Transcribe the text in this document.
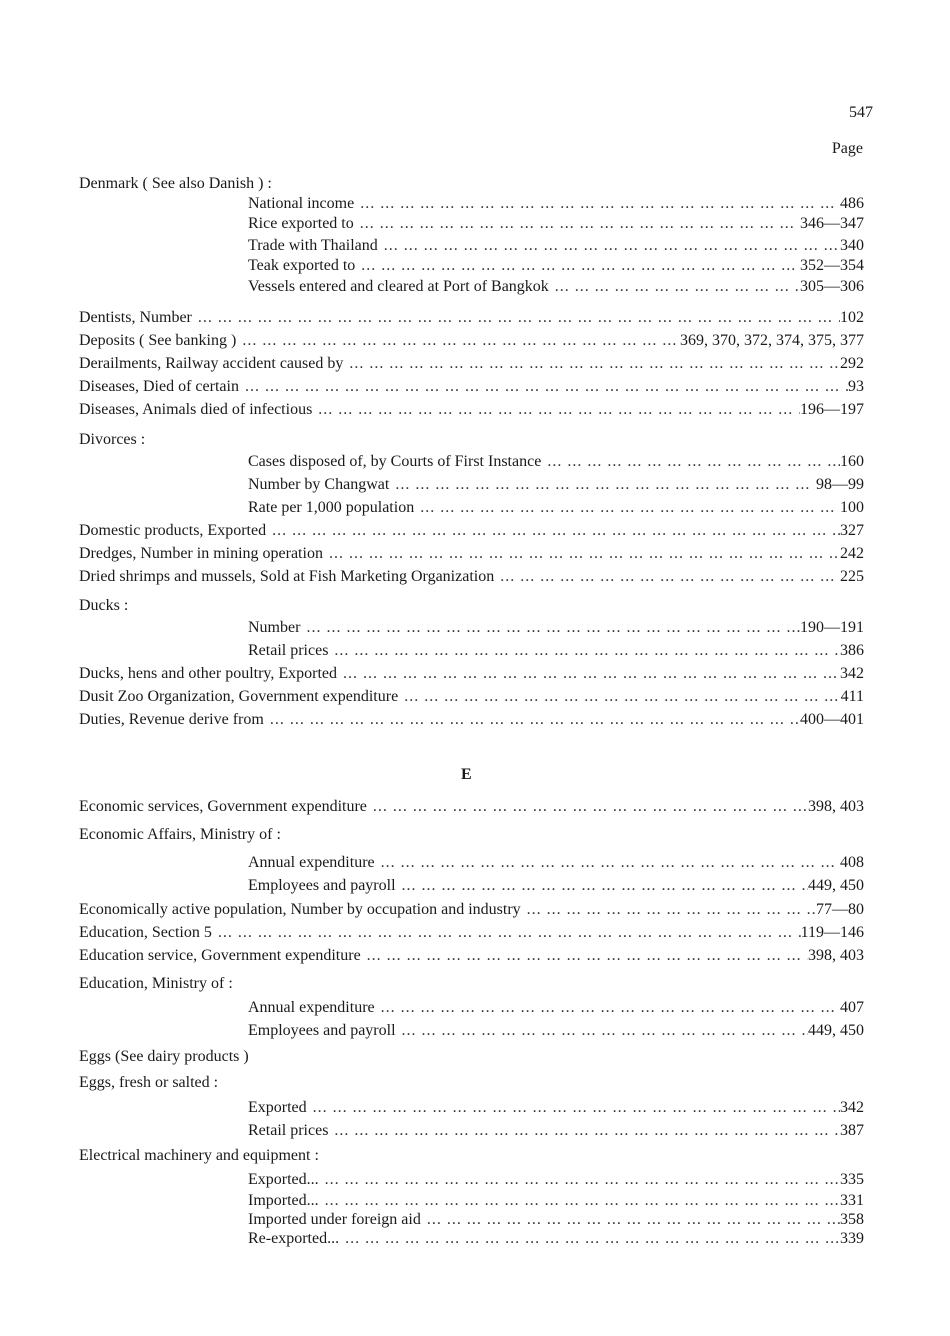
547
Page
Denmark ( See also Danish ) :
National income ... .	486
Rice exported to ... .	346—347
Trade with Thailand ... .	340
Teak exported to ... .	352—354
Vessels entered and cleared at Port of Bangkok ... .	305—306
Dentists, Number ... .	102
Deposits ( See banking ) ... .	369, 370, 372, 374, 375, 377
Derailments, Railway accident caused by ... .	292
Diseases, Died of certain ... .	93
Diseases, Animals died of infectious ... .	196—197
Divorces :
Cases disposed of, by Courts of First Instance ... .	160
Number by Changwat ... .	98—99
Rate per 1,000 population ... .	100
Domestic products, Exported ... .	327
Dredges, Number in mining operation ... .	242
Dried shrimps and mussels, Sold at Fish Marketing Organization ... .	225
Ducks :
Number ... .	190—191
Retail prices ... .	386
Ducks, hens and other poultry, Exported ... .	342
Dusit Zoo Organization, Government expenditure ... .	411
Duties, Revenue derive from ... .	400—401
E
Economic services, Government expenditure ... .	398, 403
Economic Affairs, Ministry of :
Annual expenditure ... .	408
Employees and payroll ... .	449, 450
Economically active population, Number by occupation and industry ... .	77—80
Education, Section 5 ... .	119—146
Education service, Government expenditure ... .	398, 403
Education, Ministry of :
Annual expenditure ... .	407
Employees and payroll ... .	449, 450
Eggs (See dairy products )
Eggs, fresh or salted :
Exported ... .	342
Retail prices ... .	387
Electrical machinery and equipment :
Exported... ... .	335
Imported... ... .	331
Imported under foreign aid ... .	358
Re-exported... ... .	339
